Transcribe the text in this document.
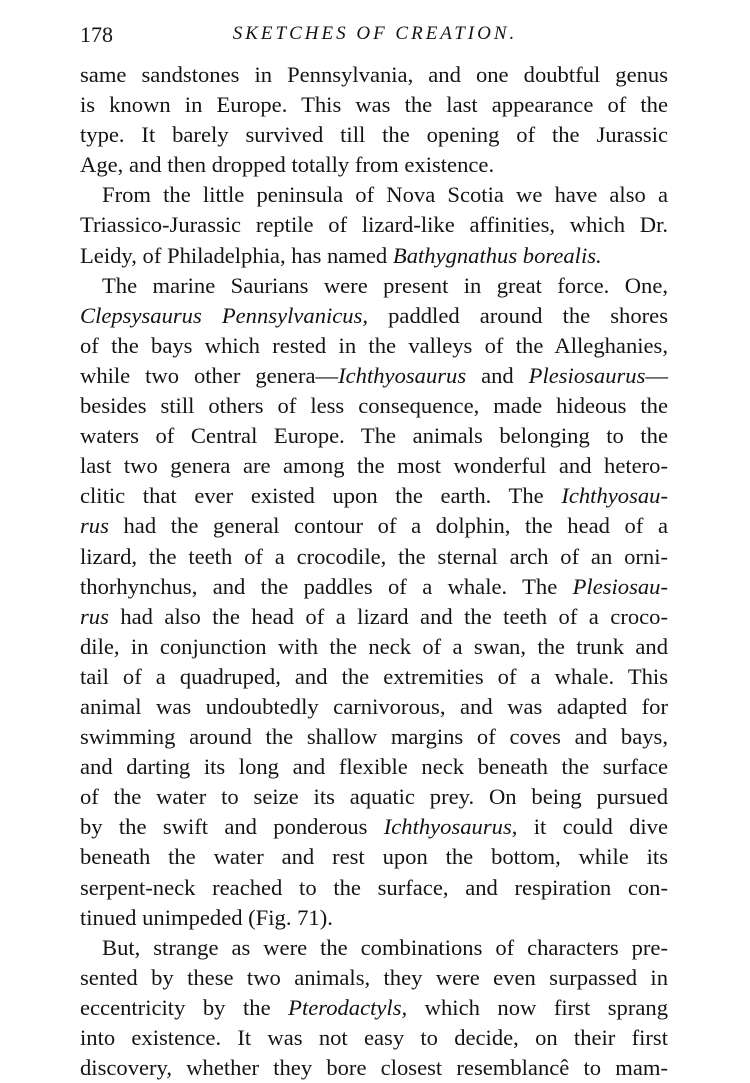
178	SKETCHES OF CREATION.
same sandstones in Pennsylvania, and one doubtful genus
is known in Europe. This was the last appearance of the
type. It barely survived till the opening of the Jurassic
Age, and then dropped totally from existence.
From the little peninsula of Nova Scotia we have also a
Triassico-Jurassic reptile of lizard-like affinities, which Dr.
Leidy, of Philadelphia, has named Bathygnathus borealis.
The marine Saurians were present in great force. One,
Clepsysaurus Pennsylvanicus, paddled around the shores
of the bays which rested in the valleys of the Alleghanies,
while two other genera—Ichthyosaurus and Plesiosaurus—
besides still others of less consequence, made hideous the
waters of Central Europe. The animals belonging to the
last two genera are among the most wonderful and hetero-
clitic that ever existed upon the earth. The Ichthyosau-
rus had the general contour of a dolphin, the head of a
lizard, the teeth of a crocodile, the sternal arch of an orni-
thorhynchus, and the paddles of a whale. The Plesiosau-
rus had also the head of a lizard and the teeth of a croco-
dile, in conjunction with the neck of a swan, the trunk and
tail of a quadruped, and the extremities of a whale. This
animal was undoubtedly carnivorous, and was adapted for
swimming around the shallow margins of coves and bays,
and darting its long and flexible neck beneath the surface
of the water to seize its aquatic prey. On being pursued
by the swift and ponderous Ichthyosaurus, it could dive
beneath the water and rest upon the bottom, while its
serpent-neck reached to the surface, and respiration con-
tinued unimpeded (Fig. 71).
But, strange as were the combinations of characters pre-
sented by these two animals, they were even surpassed in
eccentricity by the Pterodactyls, which now first sprang
into existence. It was not easy to decide, on their first
discovery, whether they bore closest resemblancê to mam-
